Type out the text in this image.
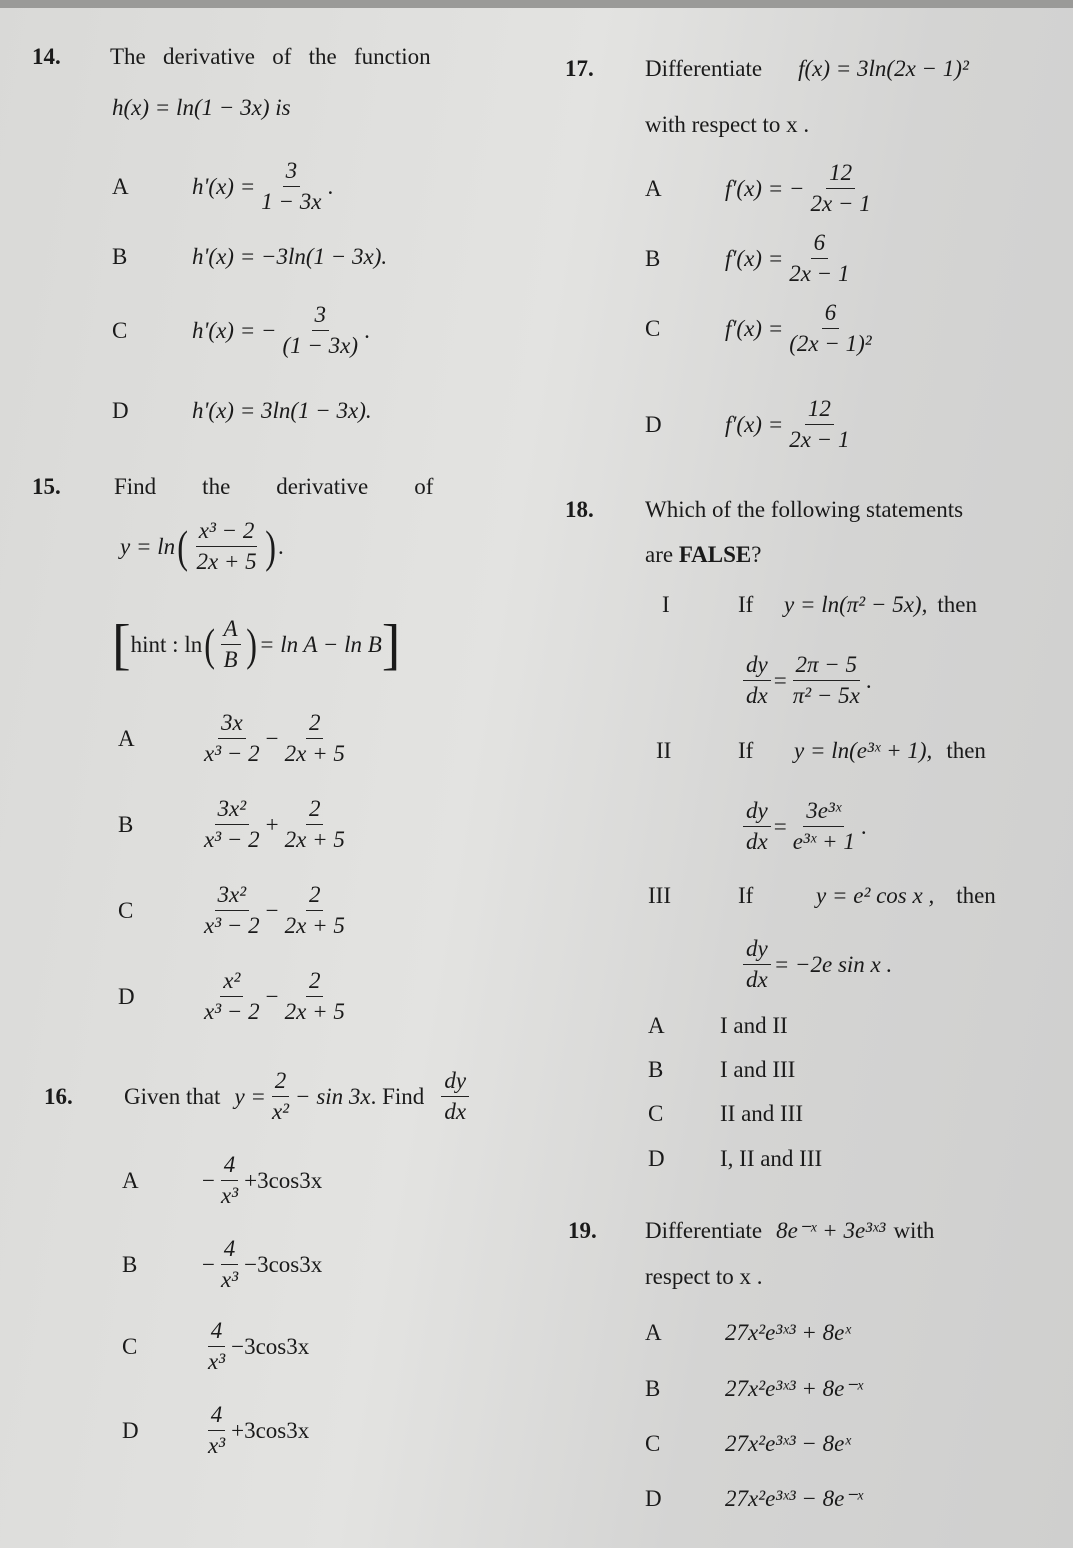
14.	The   derivative   of   the   function
h(x) = ln(1 − 3x) is
A	$h'(x) = \frac{3}{1 - 3x}$ .
B	h'(x) = −3ln(1 − 3x).
C	h'(x) = − $\frac{3}{(1 - 3x)}$ .
D	h'(x) = 3ln(1 − 3x).
15.	Find        the        derivative        of
y = ln ( $\frac{\text{x³ − 2}}{2x + 5}$ ) .
[ hint : ln ( $\frac{A}{B}$ ) = ln A − ln B ]
A	$\frac{3x}{\text{x³ − 2}} - \frac{2}{2x + 5}$
B	$\frac{\text{3x²}}{\text{x³ − 2}} + \frac{2}{2x + 5}$
C	$\frac{\text{3x²}}{\text{x³ − 2}} - \frac{2}{2x + 5}$
D	$\frac{\text{x²}}{\text{x³ − 2}} - \frac{2}{2x + 5}$
16.	Given that $y = \frac{2}{\text{x²}} - \sin 3x$ . Find $\frac{dy}{dx}$
A	− $\frac{4}{\text{x³}} +3\cos 3x$
B	− $\frac{4}{\text{x³}} -3\cos 3x$
C	$\frac{4}{\text{x³}} -3\cos 3x$
D	$\frac{4}{\text{x³}} +3\cos 3x$
17.	Differentiate f(x) = 3ln(2x − 1)²
with respect to x .
A	f′(x) = − $\frac{12}{2x - 1}$
B	$f'(x) = \frac{6}{2x - 1}$
C	$f'(x) = \frac{6}{\text{(2x − 1)²}}$
D	$f'(x) = \frac{12}{2x - 1}$
18.	Which of the following statements
are FALSE ?
I	If	y = ln(π² − 5x), then
$\frac{dy}{dx} = \frac{2\pi - 5}{\text{π² − 5x}}$ .
II	If	y = ln(e³ˣ + 1), then
$\frac{dy}{dx} = \frac{\text{3e³ˣ}}{\text{e³ˣ + 1}}$ .
III	If	y = e² cos x , then
$\frac{dy}{dx} = -2e$ sin x .
A	I and II
B	I and III
C	II and III
D	I, II and III
19.	Differentiate 8e⁻ˣ + 3e³ˣ³ with
respect to x .
A	27x²e³ˣ³ + 8eˣ
B	27x²e³ˣ³ + 8e⁻ˣ
C	27x²e³ˣ³ − 8eˣ
D	27x²e³ˣ³ − 8e⁻ˣ
